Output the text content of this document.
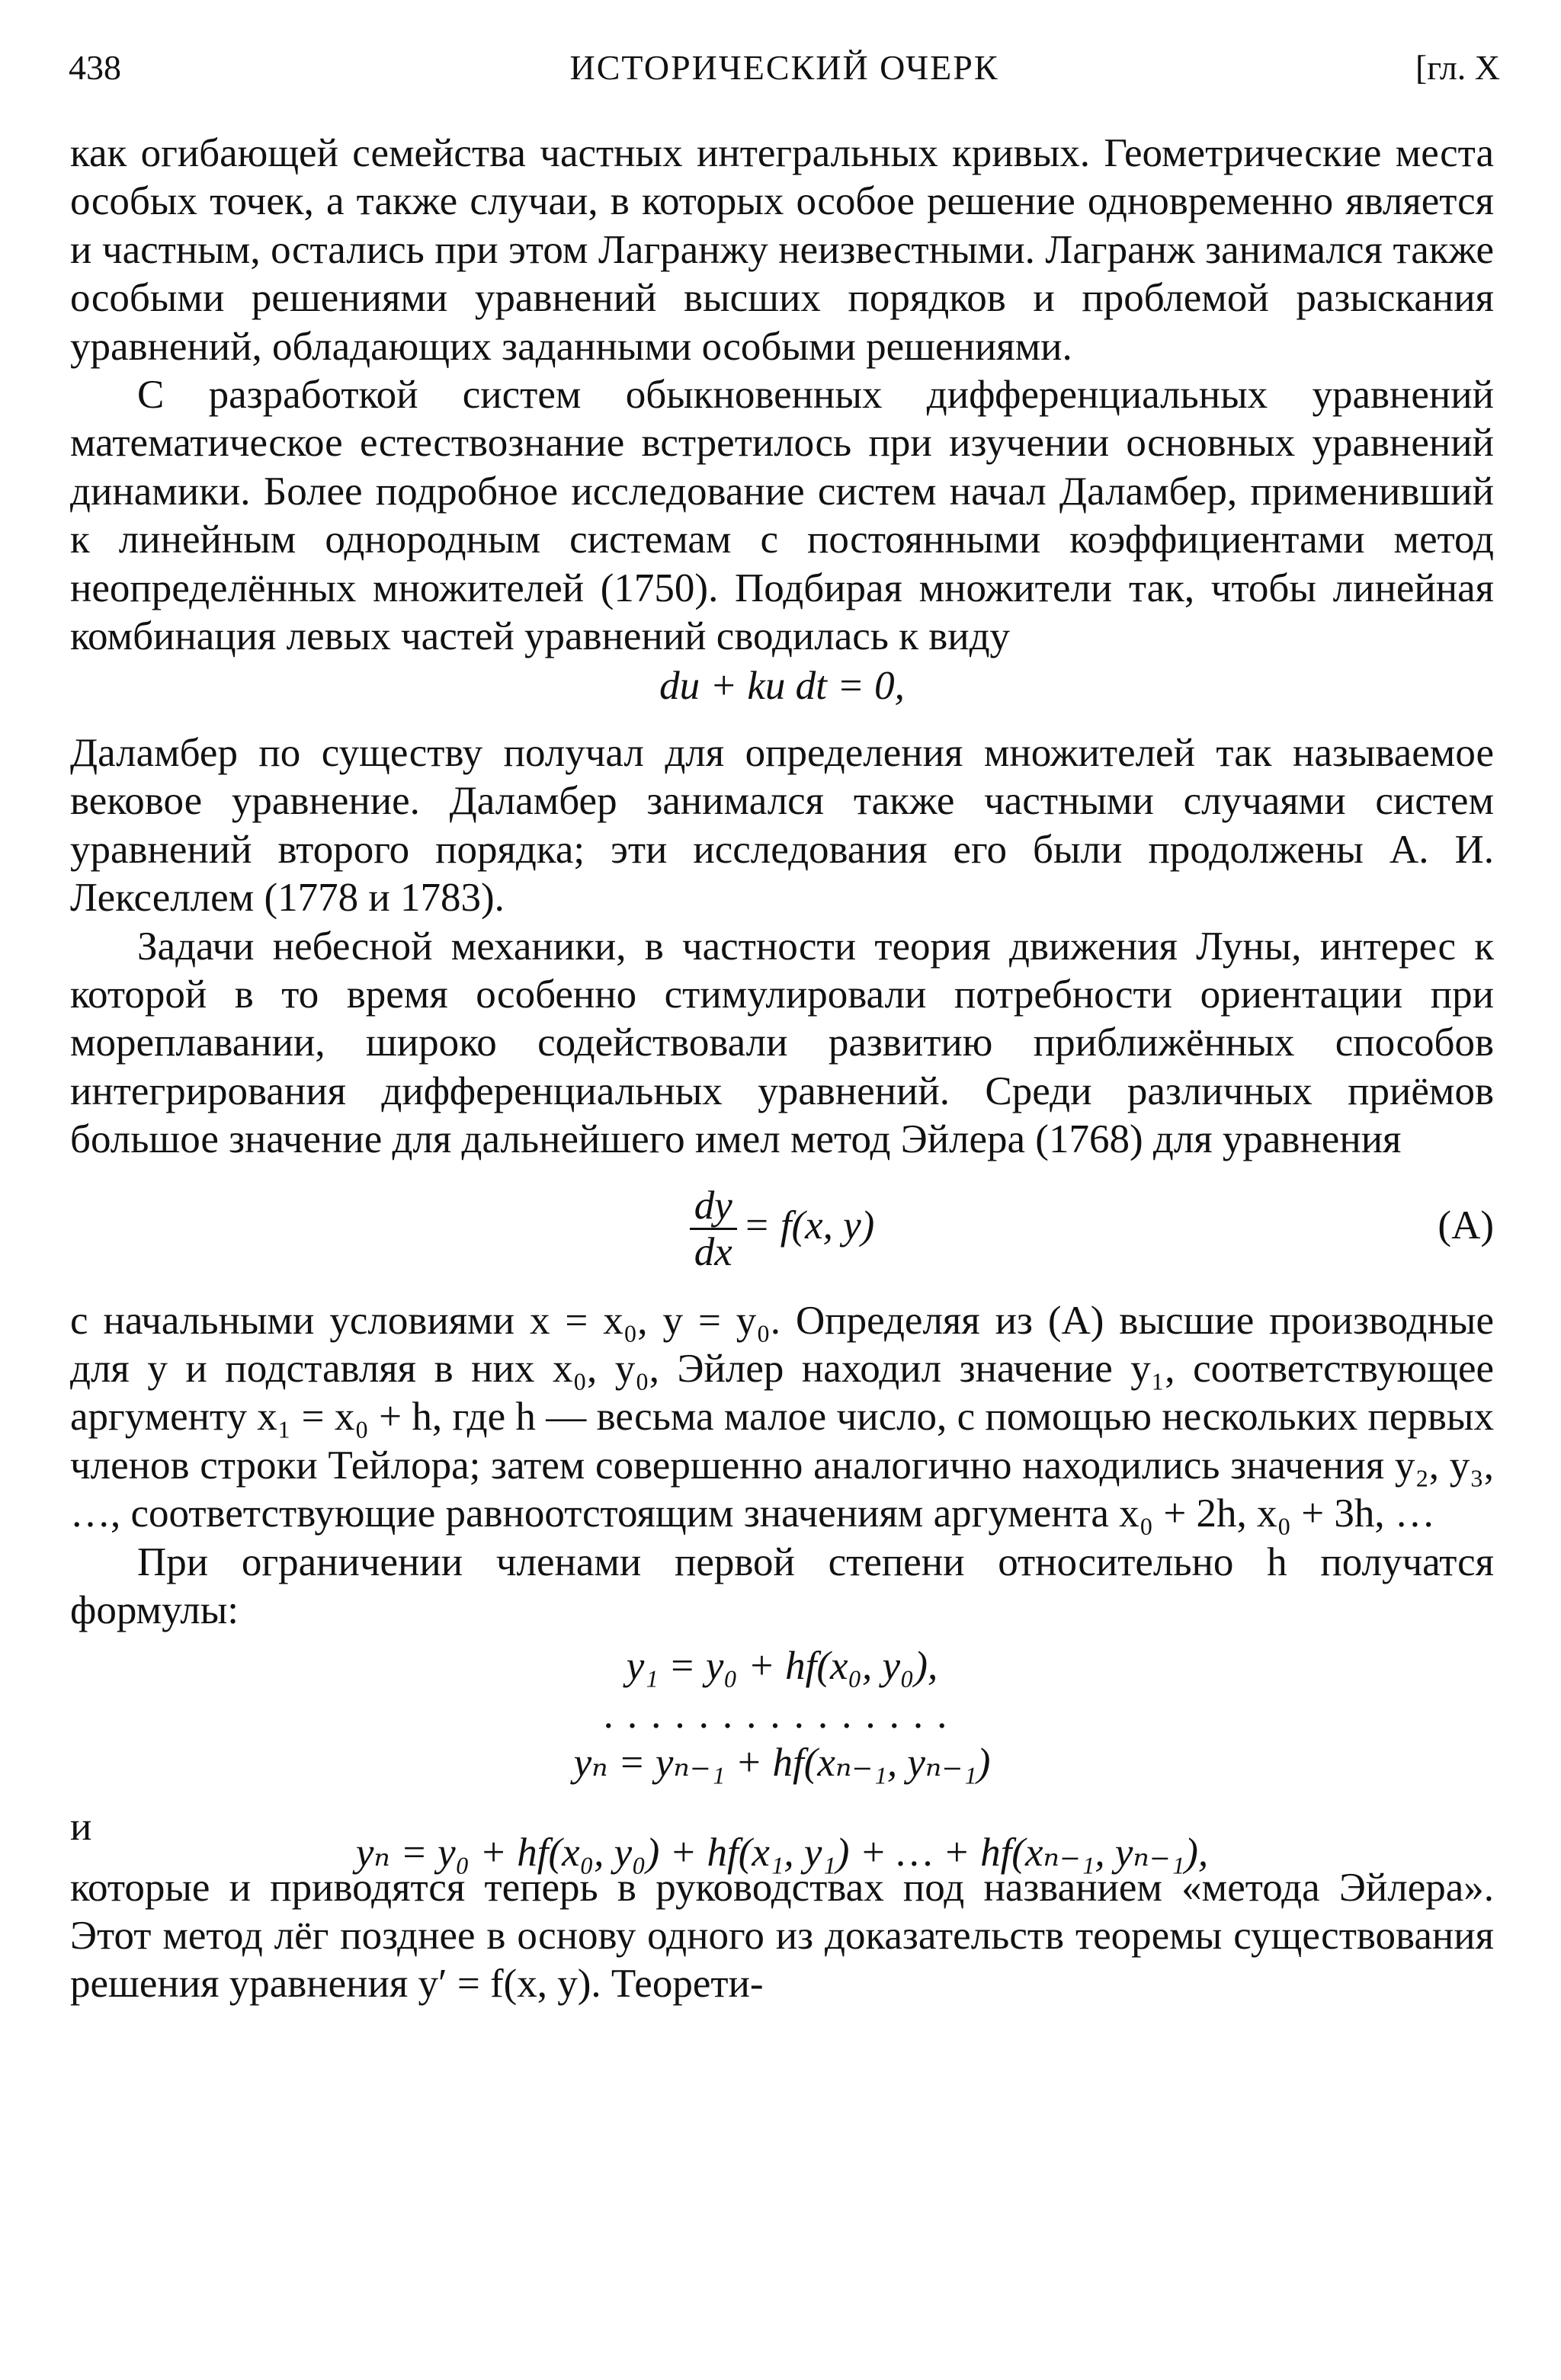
438	ИСТОРИЧЕСКИЙ ОЧЕРК	[гл. X

как огибающей семейства частных интегральных кривых. Геометрические места особых точек, а также случаи, в которых особое решение одновременно является и частным, остались при этом Лагранжу неизвестными. Лагранж занимался также особыми решениями уравнений высших порядков и проблемой разыскания уравнений, обладающих заданными особыми решениями.

С разработкой систем обыкновенных дифференциальных уравнений математическое естествознание встретилось при изучении основных уравнений динамики. Более подробное исследование систем начал Даламбер, применивший к линейным однородным системам с постоянными коэффициентами метод неопределённых множителей (1750). Подбирая множители так, чтобы линейная комбинация левых частей уравнений сводилась к виду

du + ku dt = 0,

Даламбер по существу получал для определения множителей так называемое вековое уравнение. Даламбер занимался также частными случаями систем уравнений второго порядка; эти исследования его были продолжены А. И. Лекселлем (1778 и 1783).

Задачи небесной механики, в частности теория движения Луны, интерес к которой в то время особенно стимулировали потребности ориентации при мореплавании, широко содействовали развитию приближённых способов интегрирования дифференциальных уравнений. Среди различных приёмов большое значение для дальнейшего имел метод Эйлера (1768) для уравнения

$\frac{dy}{dx} = f(x$, y)	(A)

с начальными условиями x = x₀, y = y₀. Определяя из (A) высшие производные для y и подставляя в них x₀, y₀, Эйлер находил значение y₁, соответствующее аргументу x₁ = x₀ + h, где h — весьма малое число, с помощью нескольких первых членов строки Тейлора; затем совершенно аналогично находились значения y₂, y₃, …, соответствующие равноотстоящим значениям аргумента x₀ + 2h, x₀ + 3h, …

При ограничении членами первой степени относительно h получатся формулы:

y₁ = y₀ + hf(x₀, y₀),
...............
yₙ = yₙ₋₁ + hf(xₙ₋₁, yₙ₋₁)
и
yₙ = y₀ + hf(x₀, y₀) + hf(x₁, y₁) + … + hf(xₙ₋₁, yₙ₋₁),

которые и приводятся теперь в руководствах под названием «метода Эйлера». Этот метод лёг позднее в основу одного из доказательств теоремы существования решения уравнения y′ = f(x, y). Теорети-
